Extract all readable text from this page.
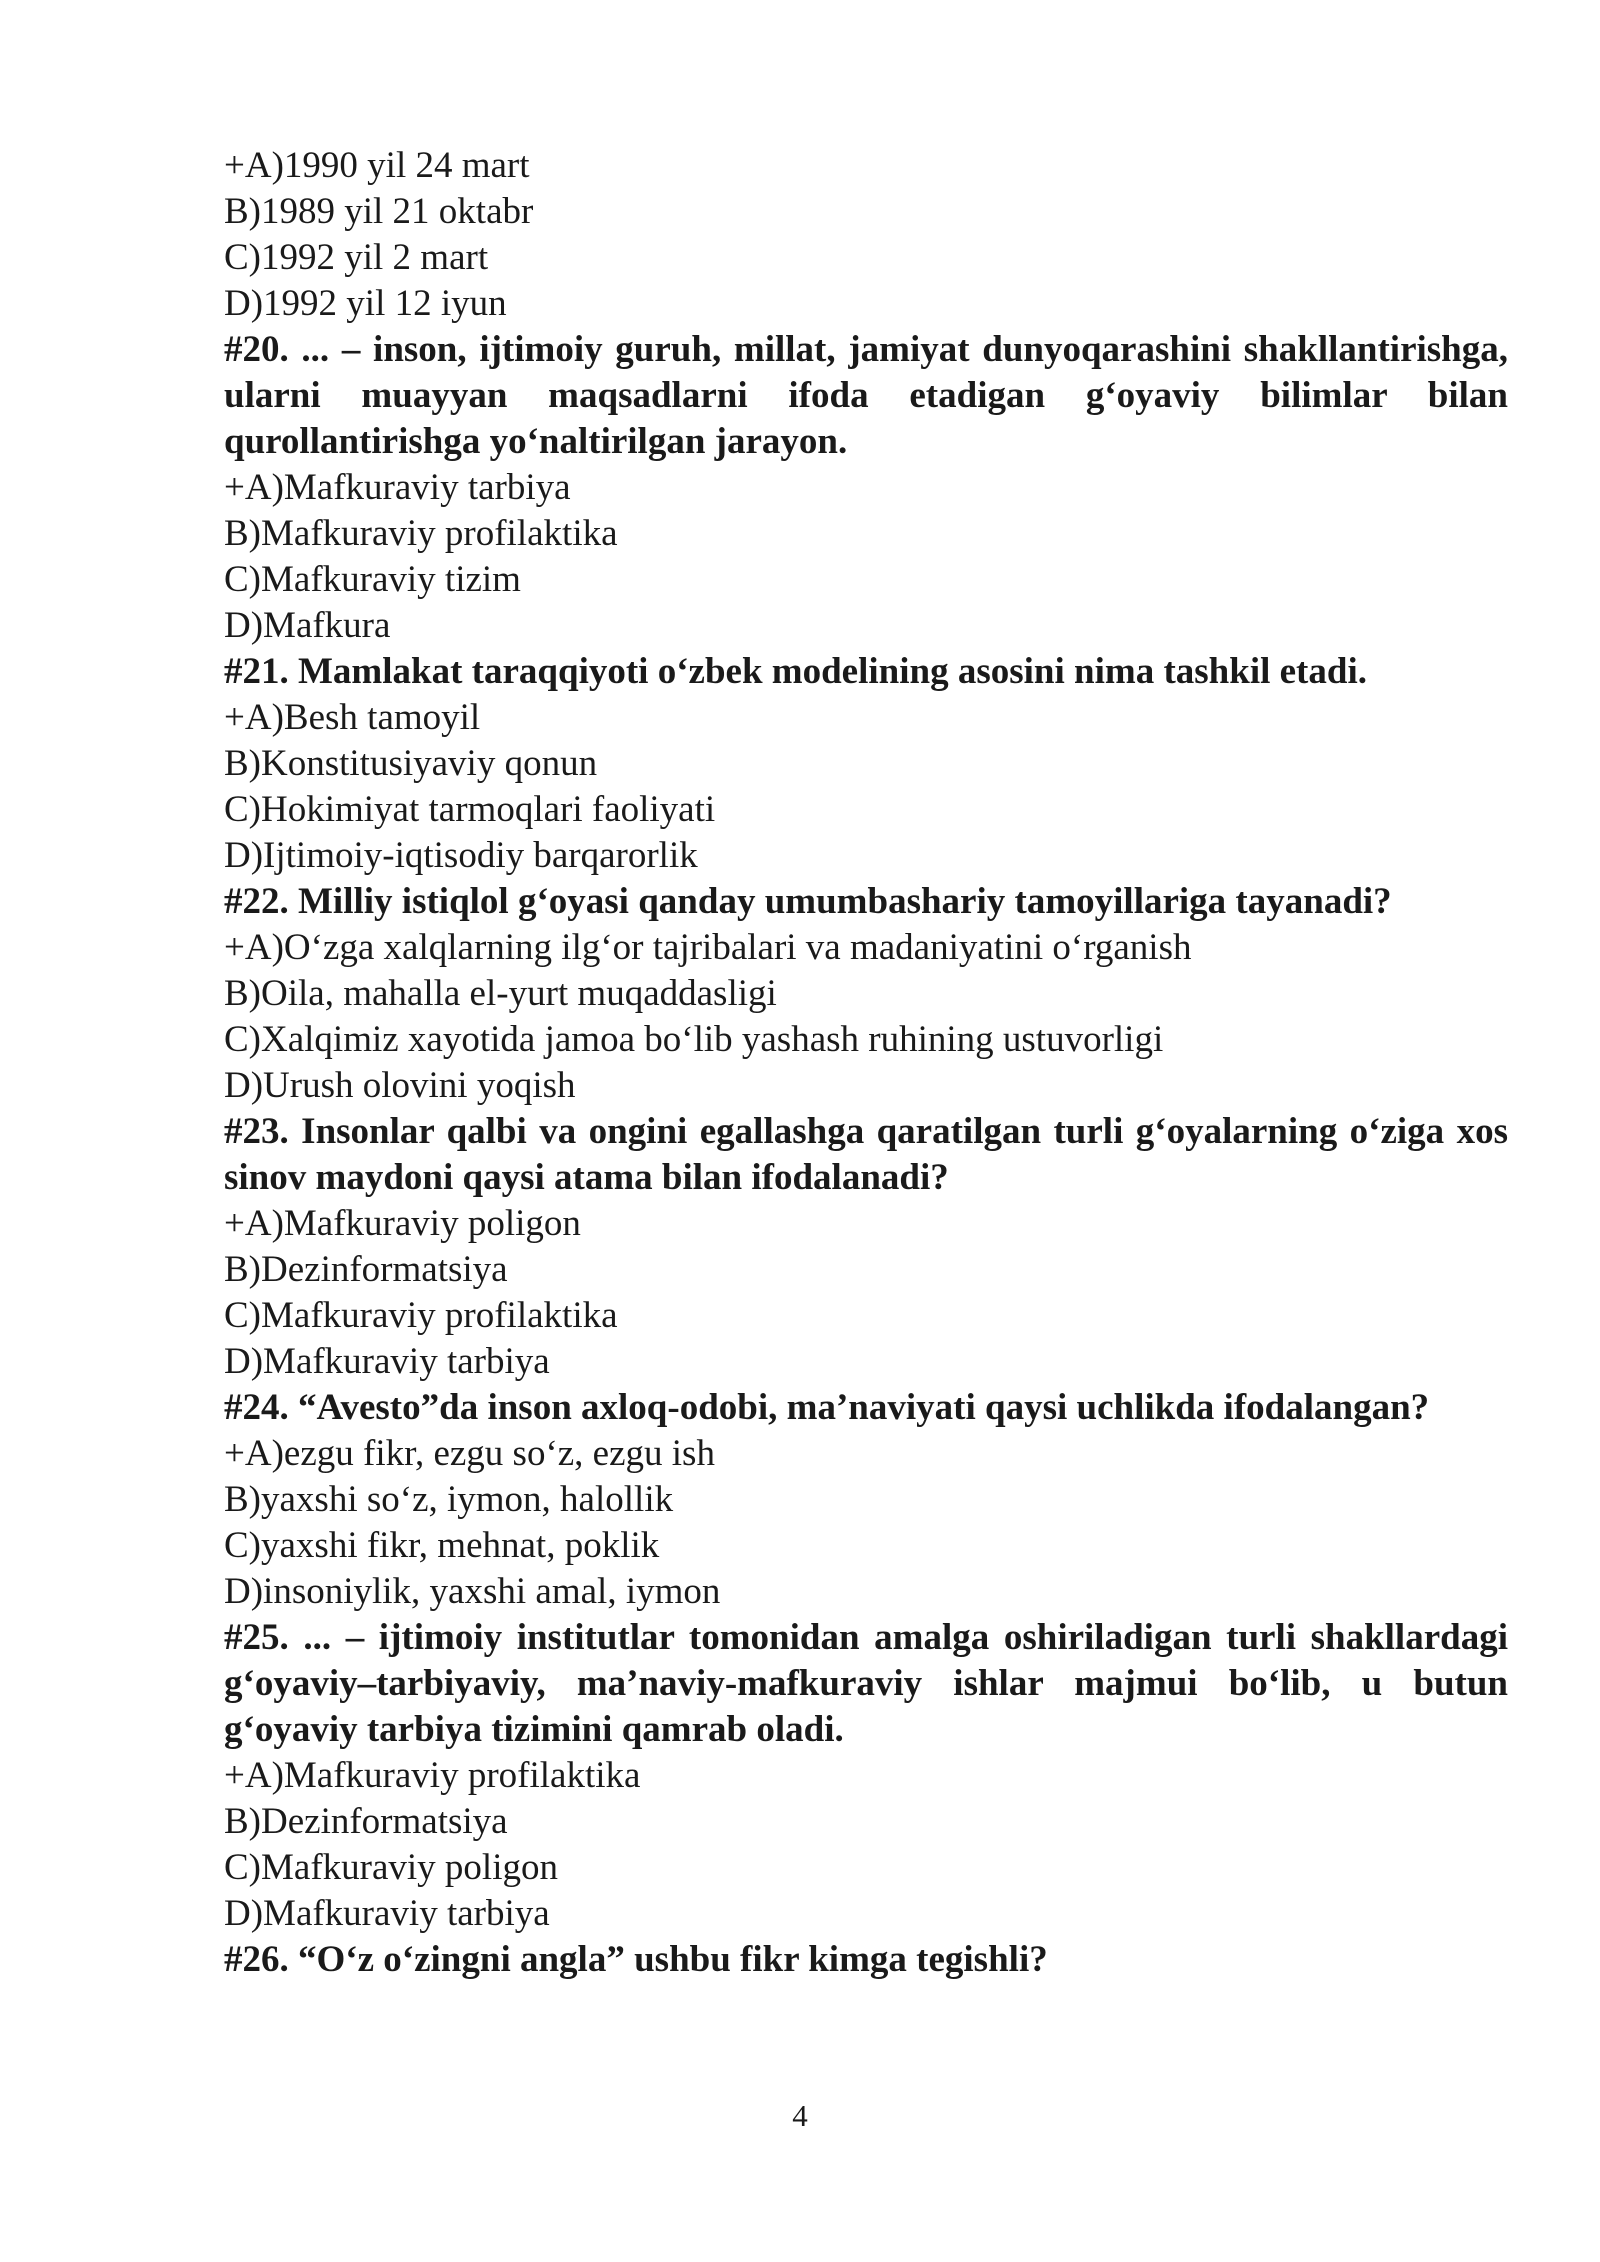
+A)1990 yil 24 mart
B)1989 yil 21 oktabr
C)1992 yil 2 mart
D)1992 yil 12 iyun

#20. ... – inson, ijtimoiy guruh, millat, jamiyat dunyoqarashini shakllantirishga, ularni muayyan maqsadlarni ifoda etadigan g‘oyaviy bilimlar bilan qurollantirishga yo‘naltirilgan jarayon.

+A)Mafkuraviy tarbiya
B)Mafkuraviy profilaktika
C)Mafkuraviy tizim
D)Mafkura

#21. Mamlakat taraqqiyoti o‘zbek modelining asosini nima tashkil etadi.

+A)Besh tamoyil
B)Konstitusiyaviy qonun
C)Hokimiyat tarmoqlari faoliyati
D)Ijtimoiy-iqtisodiy barqarorlik

#22. Milliy istiqlol g‘oyasi qanday umumbashariy tamoyillariga tayanadi?

+A)O‘zga xalqlarning ilg‘or tajribalari va madaniyatini o‘rganish
B)Oila, mahalla el-yurt muqaddasligi
C)Xalqimiz xayotida jamoa bo‘lib yashash ruhining ustuvorligi
D)Urush olovini yoqish

#23. Insonlar qalbi va ongini egallashga qaratilgan turli g‘oyalarning o‘ziga xos sinov maydoni qaysi atama bilan ifodalanadi?

+A)Mafkuraviy poligon
B)Dezinformatsiya
C)Mafkuraviy profilaktika
D)Mafkuraviy tarbiya

#24. “Avesto”da inson axloq-odobi, ma’naviyati qaysi uchlikda ifodalangan?

+A)ezgu fikr, ezgu so‘z, ezgu ish
B)yaxshi so‘z, iymon, halollik
C)yaxshi fikr, mehnat, poklik
D)insoniylik, yaxshi amal, iymon

#25. ... – ijtimoiy institutlar tomonidan amalga oshiriladigan turli shakllardagi g‘oyaviy–tarbiyaviy, ma’naviy-mafkuraviy ishlar majmui bo‘lib, u butun g‘oyaviy tarbiya tizimini qamrab oladi.

+A)Mafkuraviy profilaktika
B)Dezinformatsiya
C)Mafkuraviy poligon
D)Mafkuraviy tarbiya

#26. “O‘z o‘zingni angla” ushbu fikr kimga tegishli?

4
